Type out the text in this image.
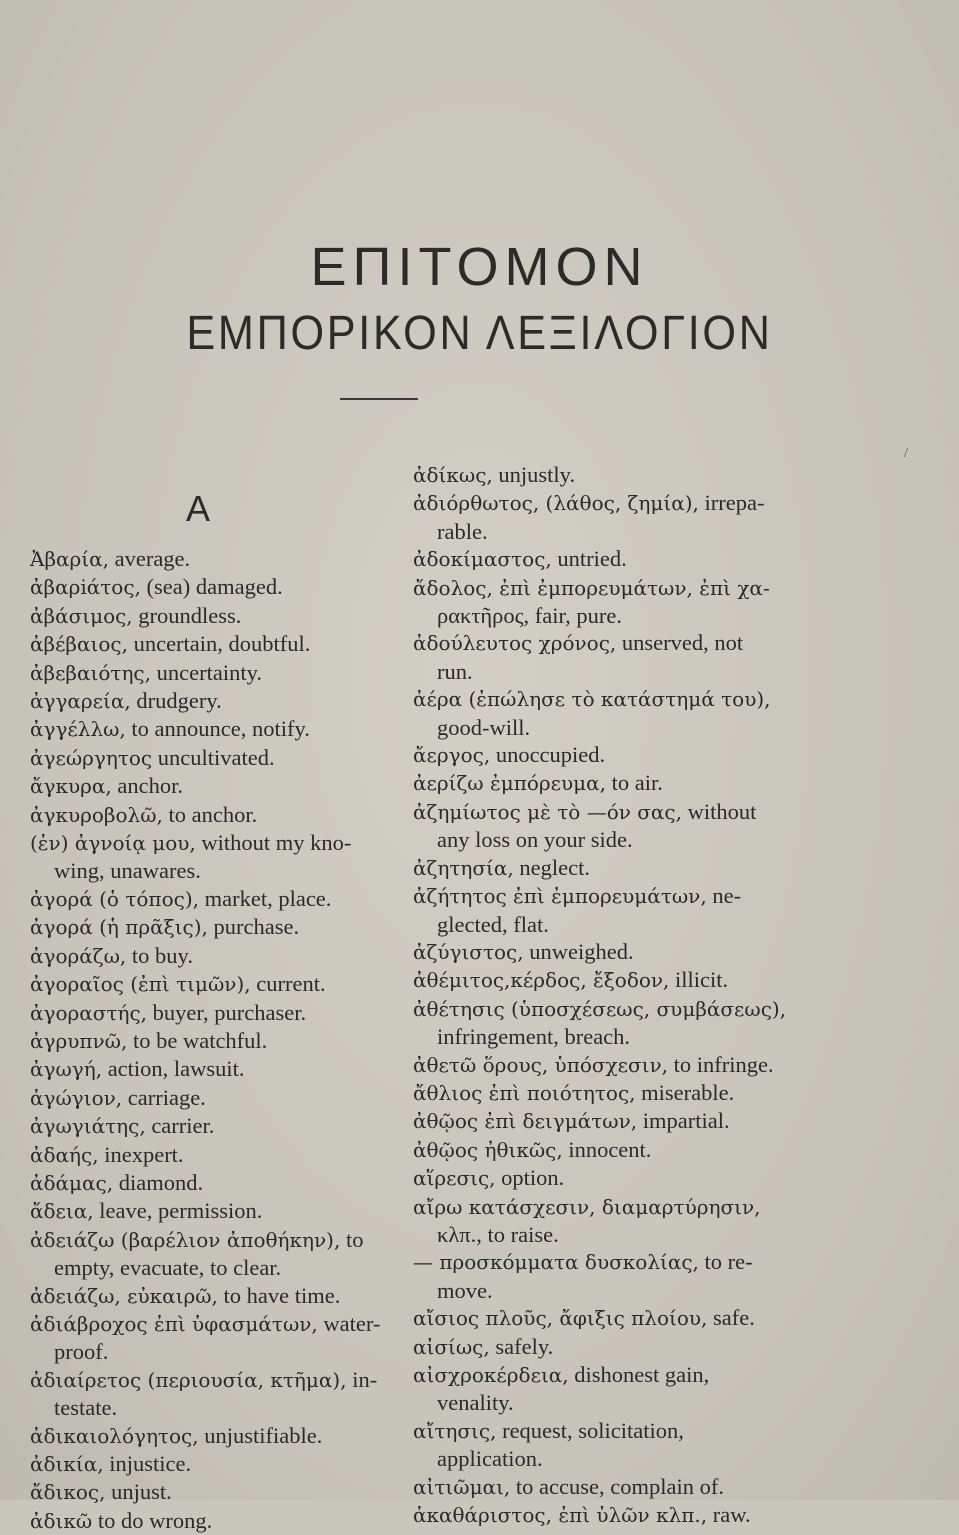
ΕΠΙΤΟΜΟΝ
ΕΜΠΟΡΙΚΟΝ ΛΕΞΙΛΟΓΙΟΝ
Α
/
Ἀβαρία, average.
ἀβαρiάτος, (sea) damaged.
ἀβάσιμος, groundless.
ἀβέβαιος, uncertain, doubtful.
ἀβεβαιότης, uncertainty.
ἀγγαρεία, drudgery.
ἀγγέλλω, to announce, notify.
ἀγεώργητος uncultivated.
ἄγκυρα, anchor.
ἀγκυροβολῶ, to anchor.
(ἐν) ἀγνοίᾳ μου, without my kno-
wing, unawares.
ἀγορά (ὁ τόπος), market, place.
ἀγορά (ἡ πρᾶξις), purchase.
ἀγοράζω, to buy.
ἀγοραῖος (ἐπὶ τιμῶν), current.
ἀγοραστής, buyer, purchaser.
ἀγρυπνῶ, to be watchful.
ἀγωγή, action, lawsuit.
ἀγώγιον, carriage.
ἀγωγιάτης, carrier.
ἀδαής, inexpert.
ἀδάμας, diamond.
ἄδεια, leave, permission.
ἀδειάζω (βαρέλιον ἀποθήκην), to
empty, evacuate, to clear.
ἀδειάζω, εὐκαιρῶ, to have time.
ἀδιάβροχος ἐπὶ ὑφασμάτων, water-
proof.
ἀδιαίρετος (περιουσία, κτῆμα), in-
testate.
ἀδικαιολόγητος, unjustifiable.
ἀδικία, injustice.
ἄδικος, unjust.
ἀδικῶ to do wrong.
ἀδίκως, unjustly.
ἀδιόρθωτος, (λάθος, ζημία), irrepa-
rable.
ἀδοκίμαστος, untried.
ἄδολος, ἐπὶ ἐμπορευμάτων, ἐπὶ χα-
ρακτῆρος, fair, pure.
ἀδούλευτος χρόνος, unserved, not
run.
ἀέρα (ἐπώλησε τὸ κατάστημά του),
good-will.
ἄεργος, unoccupied.
ἀερίζω ἐμπόρευμα, to air.
ἀζημίωτος μὲ τὸ —όν σας, without
any loss on your side.
ἀζητησία, neglect.
ἀζήτητος ἐπὶ ἐμπορευμάτων, ne-
glected, flat.
ἀζύγιστος, unweighed.
ἀθέμιτος,κέρδος, ἔξοδον, illicit.
ἀθέτησις (ὑποσχέσεως, συμβάσεως),
infringement, breach.
ἀθετῶ ὅρους, ὑπόσχεσιν, to infringe.
ἄθλιος ἐπὶ ποιότητος, miserable.
ἀθῷος ἐπὶ δειγμάτων, impartial.
ἀθῷος ἠθικῶς, innocent.
αἵρεσις, option.
αἴρω κατάσχεσιν, διαμαρτύρησιν,
κλπ., to raise.
— προσκόμματα δυσκολίας, to re-
move.
αἴσιος πλοῦς, ἄφιξις πλοίου, safe.
αἰσίως, safely.
αἰσχροκέρδεια, dishonest gain,
venality.
αἴτησις, request, solicitation,
application.
αἰτιῶμαι, to accuse, complain of.
ἀκαθάριστος, ἐπὶ ὑλῶν κλπ., raw.
